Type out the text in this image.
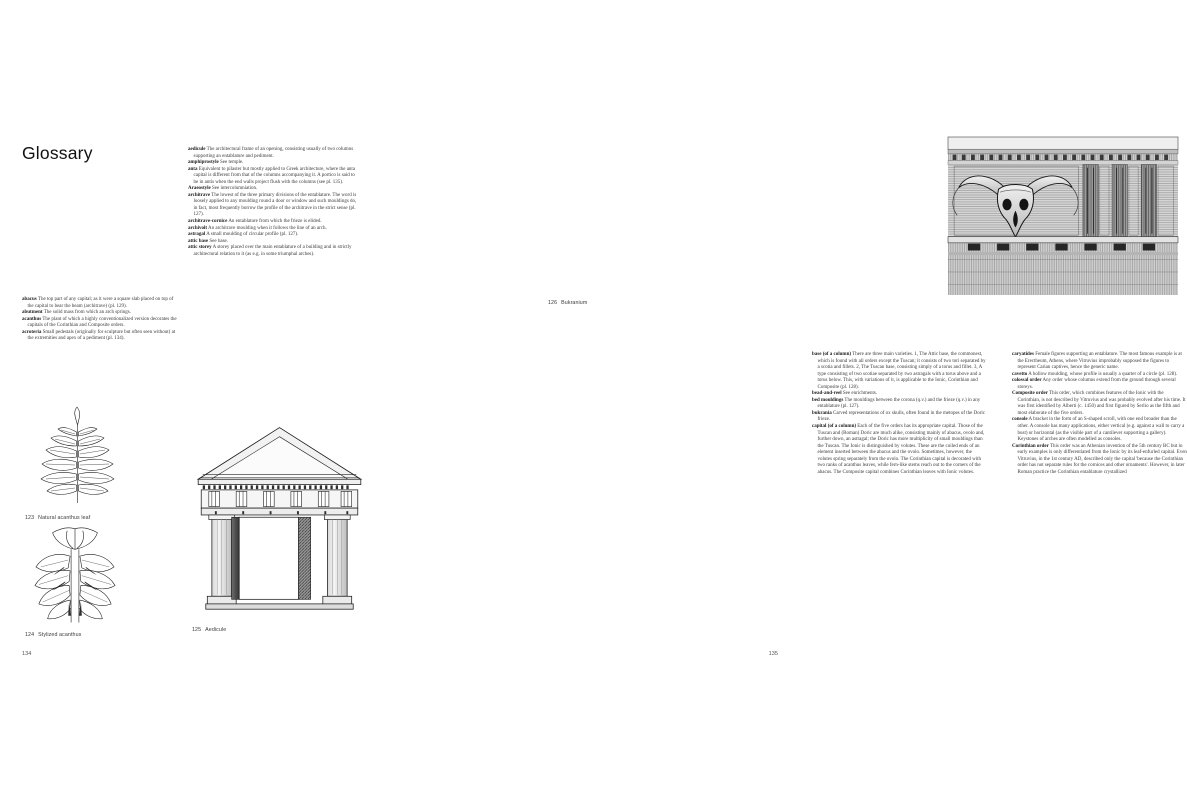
Glossary

abacus The top part of any capital; as it were a square slab placed on top of the capital to bear the beam (architrave) (pl. 129).

abutment The solid mass from which an arch springs.

acanthus The plant of which a highly conventionalized version decorates the capitals of the Corinthian and Composite orders.

acroteria Small pedestals (originally for sculpture but often seen without) at the extremities and apex of a pediment (pl. 134).

aedicule The architectural frame of an opening, consisting usually of two columns supporting an entablature and pediment.

amphiprostyle See temple.

anta Equivalent to pilaster but mostly applied to Greek architecture, where the anta capital is different from that of the columns accompanying it. A portico is said to be in antis when the end walls project flush with the columns (see pl. 135).

Araeostyle See intercolumniation.

architrave The lowest of the three primary divisions of the entablature. The word is loosely applied to any moulding round a door or window and such mouldings do, in fact, most frequently borrow the profile of the architrave in the strict sense (pl. 127).

architrave-cornice An entablature from which the frieze is elided.

archivolt An architrave moulding when it follows the line of an arch.

astragal A small moulding of circular profile (pl. 127).

attic base See base.

attic storey A storey placed over the main entablature of a building and in strictly architectural relation to it (as e.g. in some triumphal arches).

123 Natural acanthus leaf
124 Stylized acanthus
125 Aedicule
134
126 Bukranium

base (of a column) There are three main varieties. 1, The Attic base, the commonest, which is found with all orders except the Tuscan; it consists of two tori separated by a scotia and fillets. 2, The Tuscan base, consisting simply of a torus and fillet. 3, A type consisting of two scotiae separated by two astragals with a torus above and a torus below. This, with variations of it, is applicable to the Ionic, Corinthian and Composite (pl. 128).

bead-and-reel See enrichments.

bed mouldings The mouldings between the corona (q.v.) and the frieze (q.v.) in any entablature (pl. 127).

bukrania Carved representations of ox skulls, often found in the metopes of the Doric frieze.

capital (of a column) Each of the five orders has its appropriate capital. Those of the Tuscan and (Roman) Doric are much alike, consisting mainly of abacus, ovolo and, further down, an astragal; the Doric has more multiplicity of small mouldings than the Tuscan. The Ionic is distinguished by volutes. These are the coiled ends of an element inserted between the abacus and the ovolo. Sometimes, however, the volutes spring separately from the ovolo. The Corinthian capital is decorated with two ranks of acanthus leaves, while fern-like stems reach out to the corners of the abacus. The Composite capital combines Corinthian leaves with Ionic volutes.

caryatides Female figures supporting an entablature. The most famous example is at the Erectheum, Athens, where Vitruvius improbably supposed the figures to represent Carian captives, hence the generic name.

cavetto A hollow moulding, whose profile is usually a quarter of a circle (pl. 128).

colossal order Any order whose columns extend from the ground through several storeys.

Composite order This order, which combines features of the Ionic with the Corinthian, is not described by Vitruvius and was probably evolved after his time. It was first identified by Alberti (c. 1450) and first figured by Serlio as the fifth and most elaborate of the five orders.

console A bracket in the form of an S-shaped scroll, with one end broader than the other. A console has many applications, either vertical (e.g. against a wall to carry a bust) or horizontal (as the visible part of a cantilever supporting a gallery). Keystones of arches are often modelled as consoles.

Corinthian order This order was an Athenian invention of the 5th century BC but in early examples is only differentiated from the Ionic by its leaf-enfurled capital. Even Vitruvius, in the 1st century AD, described only the capital 'because the Corinthian order has not separate rules for the cornices and other ornaments'. However, in later Roman practice the Corinthian entablature crystallized

135
